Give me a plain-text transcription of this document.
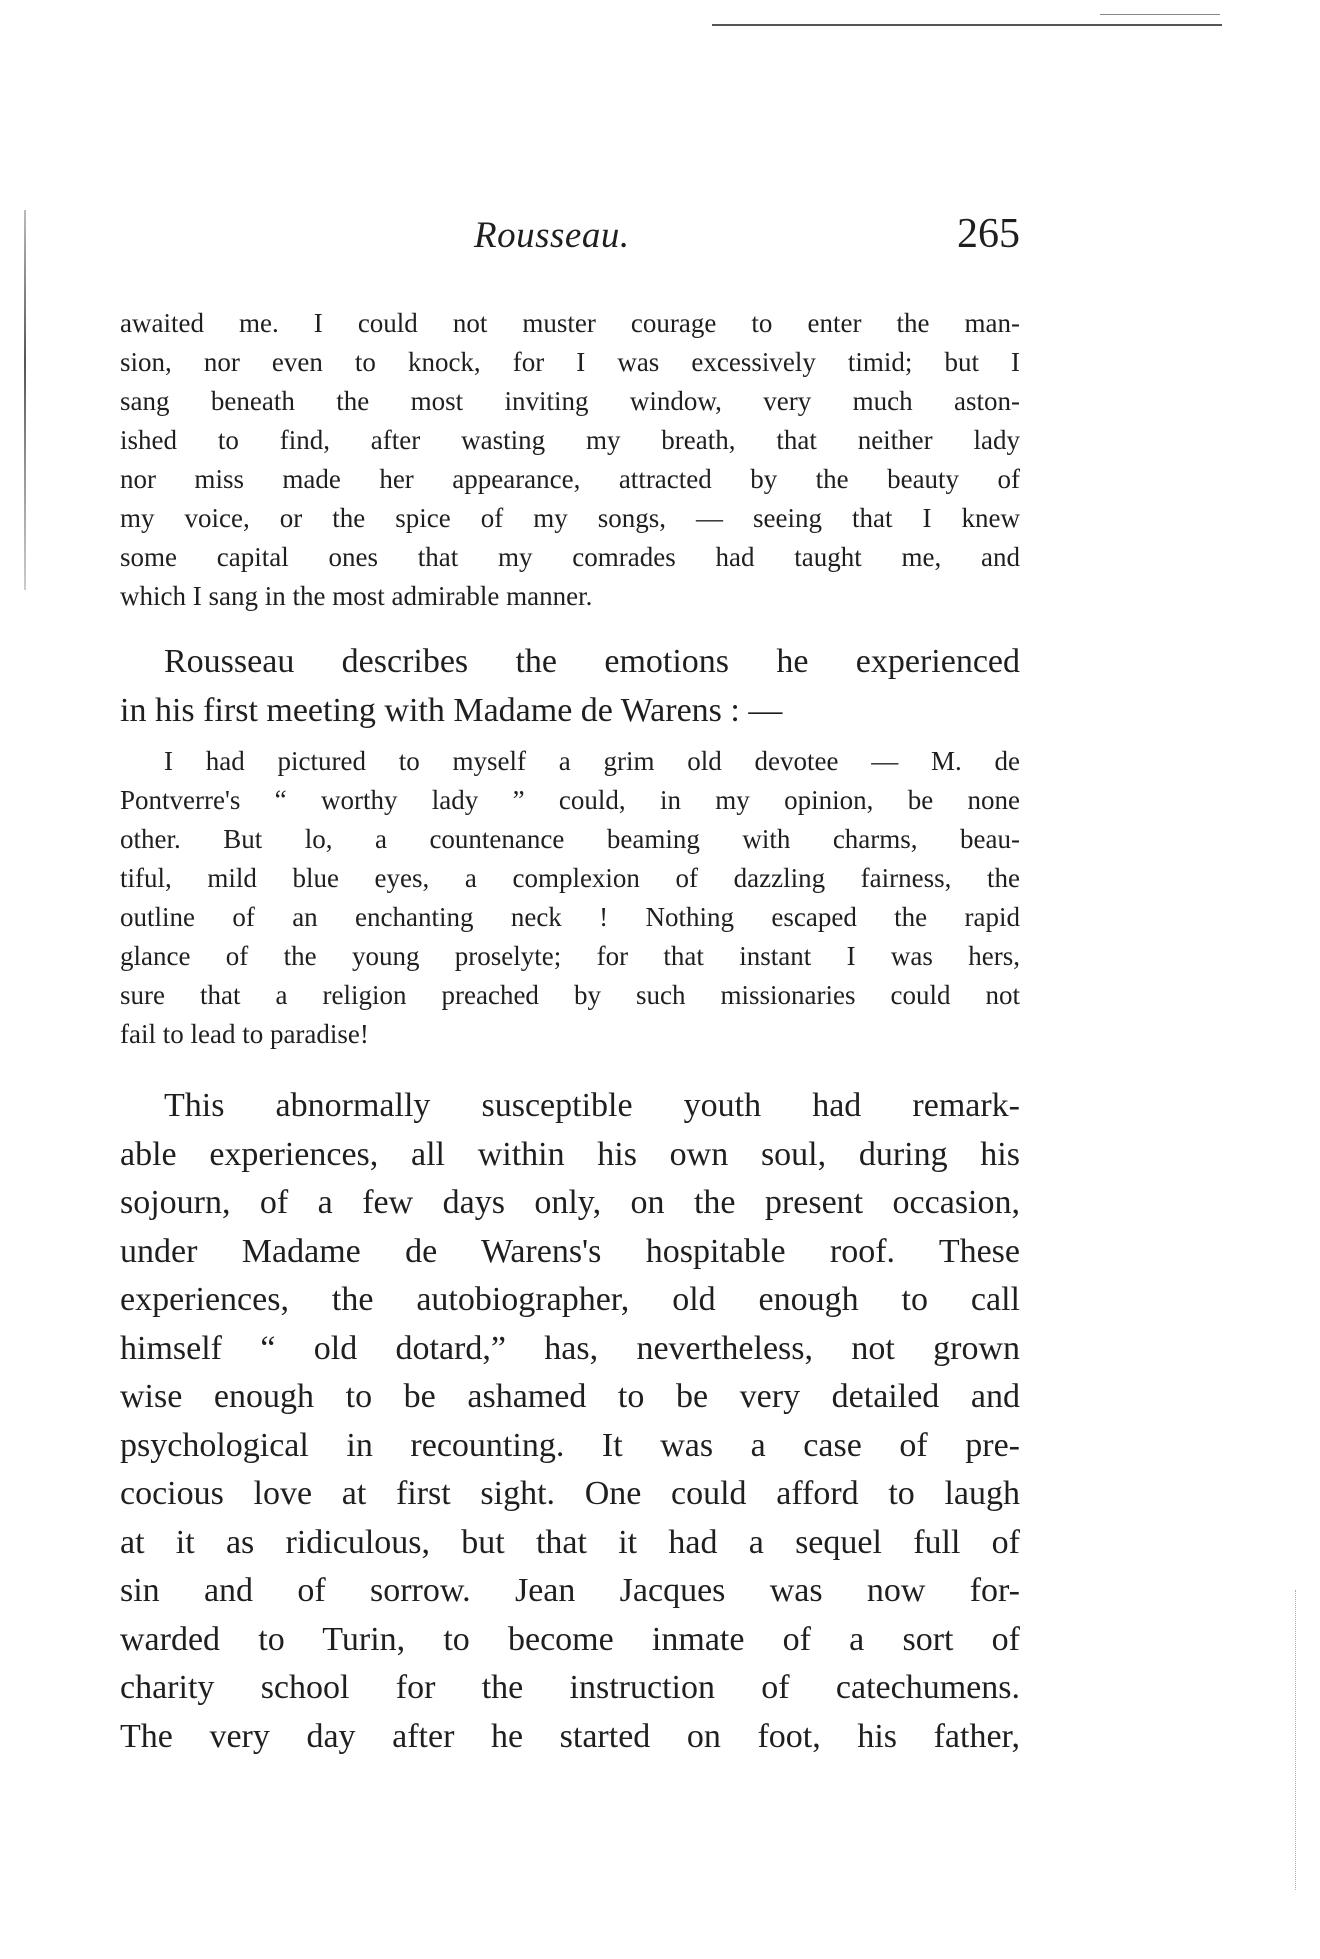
Rousseau.	265
awaited me. I could not muster courage to enter the man-
sion, nor even to knock, for I was excessively timid; but I
sang beneath the most inviting window, very much aston-
ished to find, after wasting my breath, that neither lady
nor miss made her appearance, attracted by the beauty of
my voice, or the spice of my songs, — seeing that I knew
some capital ones that my comrades had taught me, and
which I sang in the most admirable manner.
Rousseau describes the emotions he experienced
in his first meeting with Madame de Warens : —
I had pictured to myself a grim old devotee — M. de
Pontverre's “ worthy lady ” could, in my opinion, be none
other. But lo, a countenance beaming with charms, beau-
tiful, mild blue eyes, a complexion of dazzling fairness, the
outline of an enchanting neck ! Nothing escaped the rapid
glance of the young proselyte; for that instant I was hers,
sure that a religion preached by such missionaries could not
fail to lead to paradise!
This abnormally susceptible youth had remark-
able experiences, all within his own soul, during his
sojourn, of a few days only, on the present occasion,
under Madame de Warens's hospitable roof. These
experiences, the autobiographer, old enough to call
himself “ old dotard,” has, nevertheless, not grown
wise enough to be ashamed to be very detailed and
psychological in recounting. It was a case of pre-
cocious love at first sight. One could afford to laugh
at it as ridiculous, but that it had a sequel full of
sin and of sorrow. Jean Jacques was now for-
warded to Turin, to become inmate of a sort of
charity school for the instruction of catechumens.
The very day after he started on foot, his father,
